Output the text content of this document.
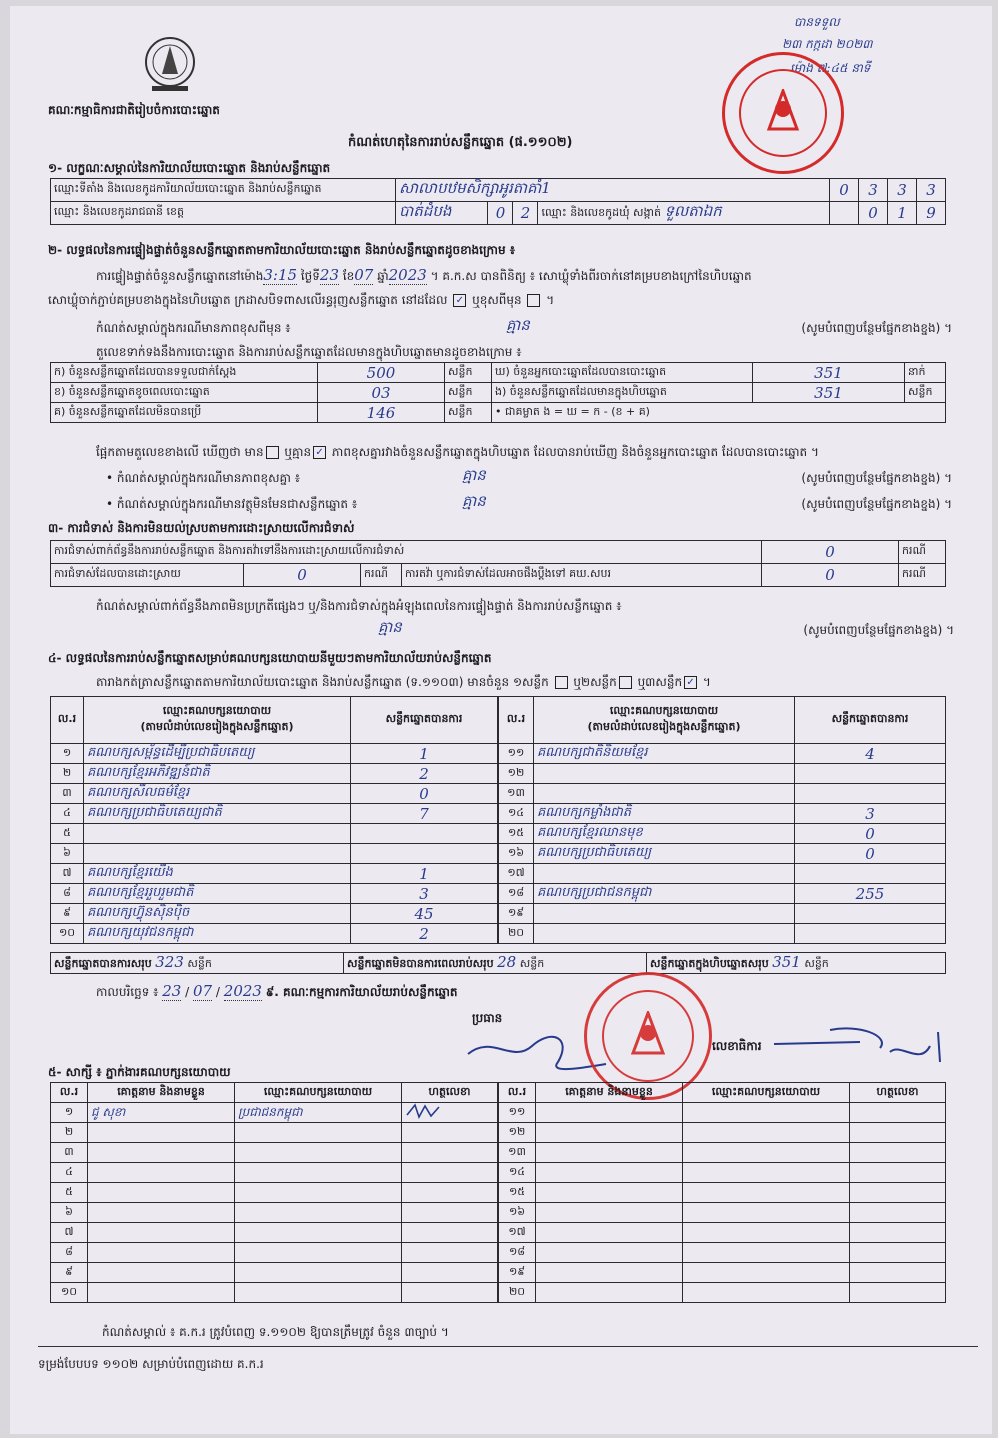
គណៈកម្មាធិការជាតិរៀបចំការបោះឆ្នោត
បានទទួល
២៣ កក្កដា ២០២៣
ម៉ោង ៧:៤៥ នាទី
កំណត់ហេតុនៃការរាប់សន្លឹកឆ្នោត (ផ.១១០២)
១- លក្ខណៈសម្គាល់នៃការិយាល័យបោះឆ្នោត និងរាប់សន្លឹកឆ្នោត
ឈ្មោះទីតាំង និងលេខកូដការិយាល័យបោះឆ្នោត និងរាប់សន្លឹកឆ្នោត	សាលាបឋមសិក្សាអូរតាគាំ1				0	3	3	3
ឈ្មោះ និងលេខកូដរាជធានី ខេត្ត	បាត់ដំបង	0	2	ឈ្មោះ និងលេខកូដឃុំ សង្កាត់ ទួលតាឯក		0	1	9
២- លទ្ធផលនៃការផ្ទៀងផ្ទាត់ចំនួនសន្លឹកឆ្នោតតាមការិយាល័យបោះឆ្នោត និងរាប់សន្លឹកឆ្នោតដូចខាងក្រោម ៖
ការផ្ទៀងផ្ទាត់ចំនួនសន្លឹកឆ្នោតនៅម៉ោង3:15 ថ្ងៃទី23 ខែ07 ឆ្នាំ2023 ។ គ.ក.ស បានពិនិត្យ ៖ សោឃ្លុំទាំងពីរចាក់នៅគម្របខាងក្រៅនៃហិបឆ្នោត
សោឃ្លុំចាក់ភ្ជាប់គម្របខាងក្នុងនៃហិបឆ្នោត ក្រដាសបិទពាសលើរន្ធរុញសន្លឹកឆ្នោត នៅដដែល ✓ ឬខុសពីមុន  ។
កំណត់សម្គាល់ក្នុងករណីមានភាពខុសពីមុន ៖	គ្មាន	(សូមបំពេញបន្ថែមផ្នែកខាងខ្នង) ។
តួលេខទាក់ទងនឹងការបោះឆ្នោត និងការរាប់សន្លឹកឆ្នោតដែលមានក្នុងហិបឆ្នោតមានដូចខាងក្រោម ៖
ក) ចំនួនសន្លឹកឆ្នោតដែលបានទទួលជាក់ស្តែង	500	សន្លឹក	ឃ) ចំនួនអ្នកបោះឆ្នោតដែលបានបោះឆ្នោត	351	នាក់
ខ) ចំនួនសន្លឹកឆ្នោតខូចពេលបោះឆ្នោត	03	សន្លឹក	ង) ចំនួនសន្លឹកឆ្នោតដែលមានក្នុងហិបឆ្នោត	351	សន្លឹក
គ) ចំនួនសន្លឹកឆ្នោតដែលមិនបានប្រើ	146	សន្លឹក	• ជាគម្លាត ង = ឃ = ក - (ខ + គ)		
ផ្អែកតាមតួលេខខាងលើ ឃើញថា មាន ឬគ្មាន ✓ ភាពខុសគ្នារវាងចំនួនសន្លឹកឆ្នោតក្នុងហិបឆ្នោត ដែលបានរាប់ឃើញ និងចំនួនអ្នកបោះឆ្នោត ដែលបានបោះឆ្នោត ។
• កំណត់សម្គាល់ក្នុងករណីមានភាពខុសគ្នា ៖	គ្មាន	(សូមបំពេញបន្ថែមផ្នែកខាងខ្នង) ។
• កំណត់សម្គាល់ក្នុងករណីមានវត្ថុមិនមែនជាសន្លឹកឆ្នោត ៖	គ្មាន	(សូមបំពេញបន្ថែមផ្នែកខាងខ្នង) ។
៣- ការជំទាស់ និងការមិនយល់ស្របតាមការដោះស្រាយលើការជំទាស់
ការជំទាស់ពាក់ព័ន្ធនឹងការរាប់សន្លឹកឆ្នោត និងការតវ៉ាទៅនឹងការដោះស្រាយលើការជំទាស់				0	ករណី
ការជំទាស់ដែលបានដោះស្រាយ	0	ករណី	ការតវ៉ា ឬការជំទាស់ដែលអាចផឹងប្តឹងទៅ គឃ.សបរ	0	ករណី
កំណត់សម្គាល់ពាក់ព័ន្ធនឹងភាពមិនប្រក្រតីផ្សេងៗ ឬ/និងការជំទាស់ក្នុងអំឡុងពេលនៃការផ្ទៀងផ្ទាត់ និងការរាប់សន្លឹកឆ្នោត ៖
គ្មាន	(សូមបំពេញបន្ថែមផ្នែកខាងខ្នង) ។
៤- លទ្ធផលនៃការរាប់សន្លឹកឆ្នោតសម្រាប់គណបក្សនយោបាយនីមួយៗតាមការិយាល័យរាប់សន្លឹកឆ្នោត
តារាងកត់ត្រាសន្លឹកឆ្នោតតាមការិយាល័យបោះឆ្នោត និងរាប់សន្លឹកឆ្នោត (ទ.១១០៣) មានចំនួន ១សន្លឹក ឬ២សន្លឹក ឬ៣សន្លឹក ✓ ។
ល.រ	ឈ្មោះគណបក្សនយោបាយ
(តាមលំដាប់លេខរៀងក្នុងសន្លឹកឆ្នោត)	សន្លឹកឆ្នោតបានការ
១	គណបក្សសម្ព័ន្ធដើម្បីប្រជាធិបតេយ្យ	1
២	គណបក្សខ្មែរអភិវឌ្ឍន៍ជាតិ	2
៣	គណបក្សសីលធម៌ខ្មែរ	0
៤	គណបក្សប្រជាធិបតេយ្យជាតិ	7
៥		
៦		
៧	គណបក្សខ្មែរយើង	1
៨	គណបក្សខ្មែររួបរួមជាតិ	3
៩	គណបក្សហ៊្វុនស៊ិនប៉ិច	45
១០	គណបក្សយុវជនកម្ពុជា	2
ល.រ	ឈ្មោះគណបក្សនយោបាយ
(តាមលំដាប់លេខរៀងក្នុងសន្លឹកឆ្នោត)	សន្លឹកឆ្នោតបានការ
១១	គណបក្សជាតិនិយមខ្មែរ	4
១២		
១៣		
១៤	គណបក្សកម្លាំងជាតិ	3
១៥	គណបក្សខ្មែរឈានមុខ	0
១៦	គណបក្សប្រជាធិបតេយ្យ	0
១៧		
១៨	គណបក្សប្រជាជនកម្ពុជា	255
១៩		
២០		
សន្លឹកឆ្នោតបានការសរុប 323 សន្លឹក	សន្លឹកឆ្នោតមិនបានការពេលរាប់សរុប 28 សន្លឹក	សន្លឹកឆ្នោតក្នុងហិបឆ្នោតសរុប 351 សន្លឹក
កាលបរិច្ឆេទ ៖ 23 / 07 / 2023 ៩. គណៈកម្មការការិយាល័យរាប់សន្លឹកឆ្នោត
ប្រធាន
លេខាធិការ
៥- សាក្សី ៖ ភ្នាក់ងារគណបក្សនយោបាយ
ល.រ	គោត្តនាម និងនាមខ្លួន	ឈ្មោះគណបក្សនយោបាយ	ហត្ថលេខា
១	ជូ សុខា	ប្រជាជនកម្ពុជា	
២			
៣			
៤			
៥			
៦			
៧			
៨			
៩			
១០			
ល.រ	គោត្តនាម និងនាមខ្លួន	ឈ្មោះគណបក្សនយោបាយ	ហត្ថលេខា
១១			
១២			
១៣			
១៤			
១៥			
១៦			
១៧			
១៨			
១៩			
២០			
កំណត់សម្គាល់ ៖ គ.ក.រ ត្រូវបំពេញ ទ.១១០២ ឱ្យបានត្រឹមត្រូវ ចំនួន ៣ច្បាប់ ។
ទម្រង់បែបបទ ១១០២ សម្រាប់បំពេញដោយ គ.ក.រ
